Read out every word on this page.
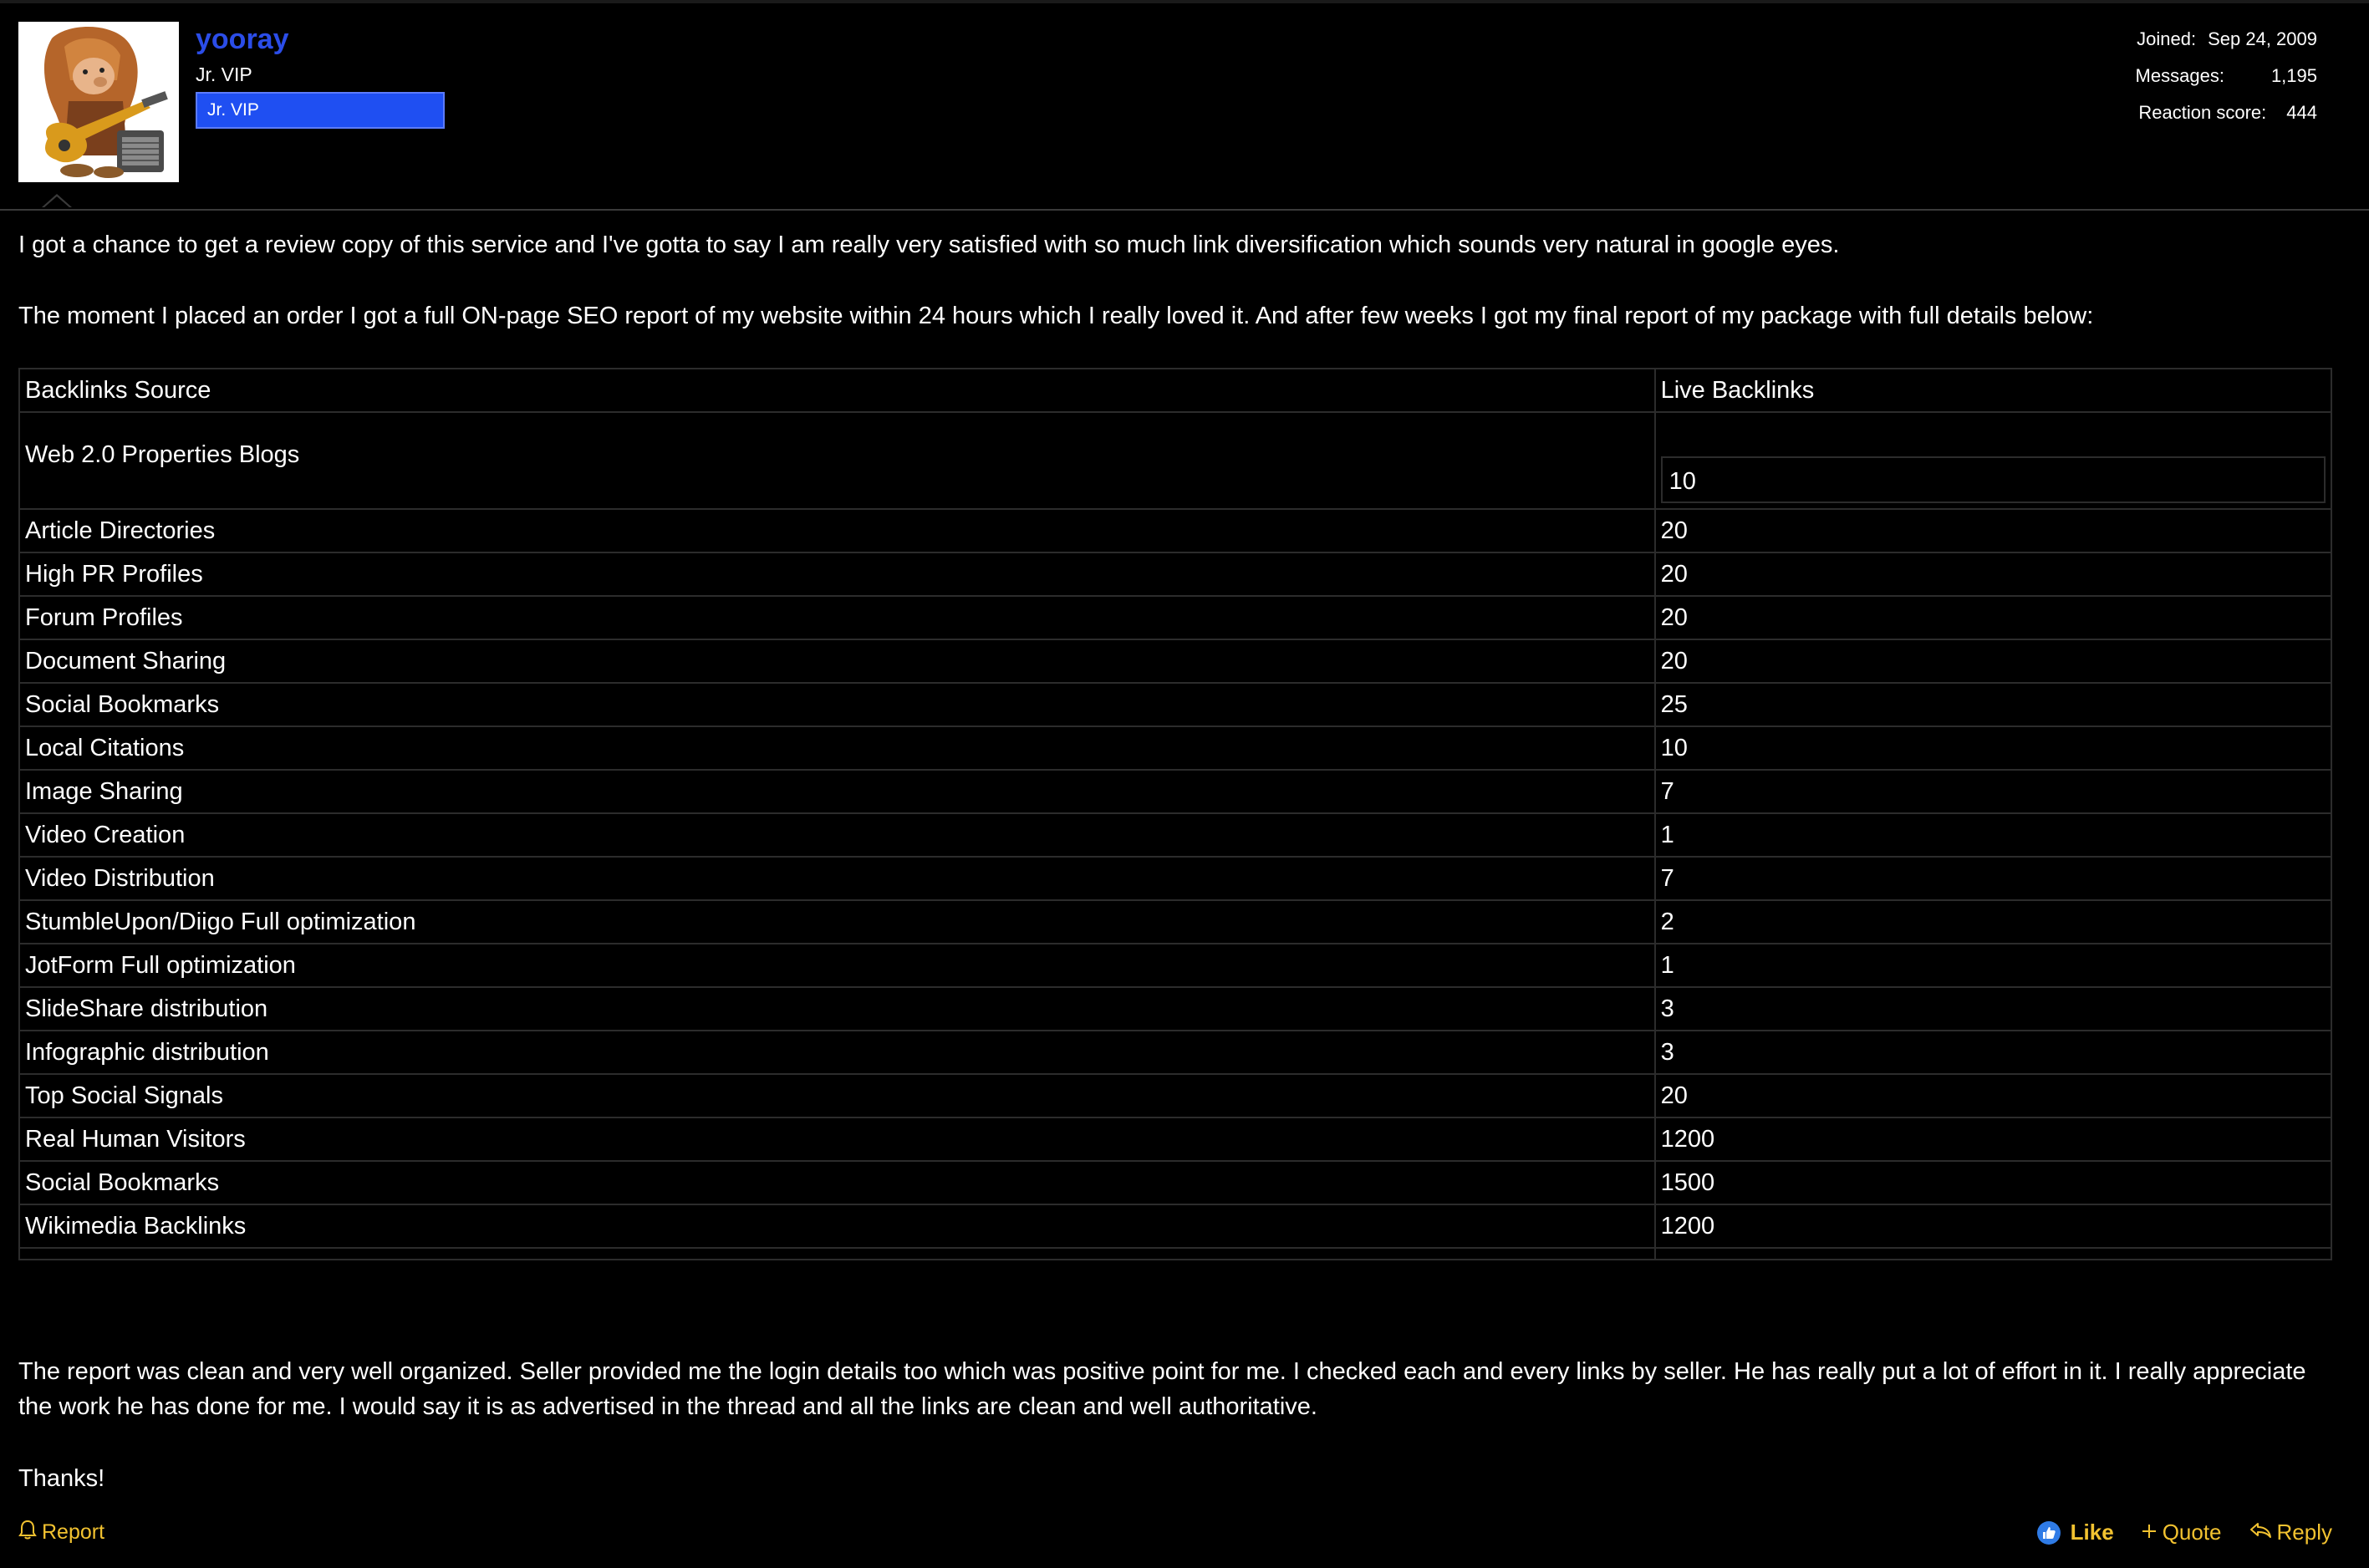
yooray
Jr. VIP
Jr. VIP
Joined: Sep 24, 2009
Messages:	1,195
Reaction score: 444
I got a chance to get a review copy of this service and I've gotta to say I am really very satisfied with so much link diversification which sounds very natural in google eyes.
The moment I placed an order I got a full ON-page SEO report of my website within 24 hours which I really loved it. And after few weeks I got my final report of my package with full details below:
Backlinks Source	Live Backlinks
Web 2.0 Properties Blogs	10

Article Directories	20
High PR Profiles	20
Forum Profiles	20
Document Sharing	20
Social Bookmarks	25
Local Citations	10
Image Sharing	7
Video Creation	1
Video Distribution	7
StumbleUpon/Diigo Full optimization	2
JotForm Full optimization	1
SlideShare distribution	3
Infographic distribution	3
Top Social Signals	20
Real Human Visitors	1200
Social Bookmarks	1500
Wikimedia Backlinks	1200

The report was clean and very well organized. Seller provided me the login details too which was positive point for me. I checked each and every links by seller. He has really put a lot of effort in it. I really appreciate the work he has done for me. I would say it is as advertised in the thread and all the links are clean and well authoritative.
Thanks!
Report	Like Quote	Reply
